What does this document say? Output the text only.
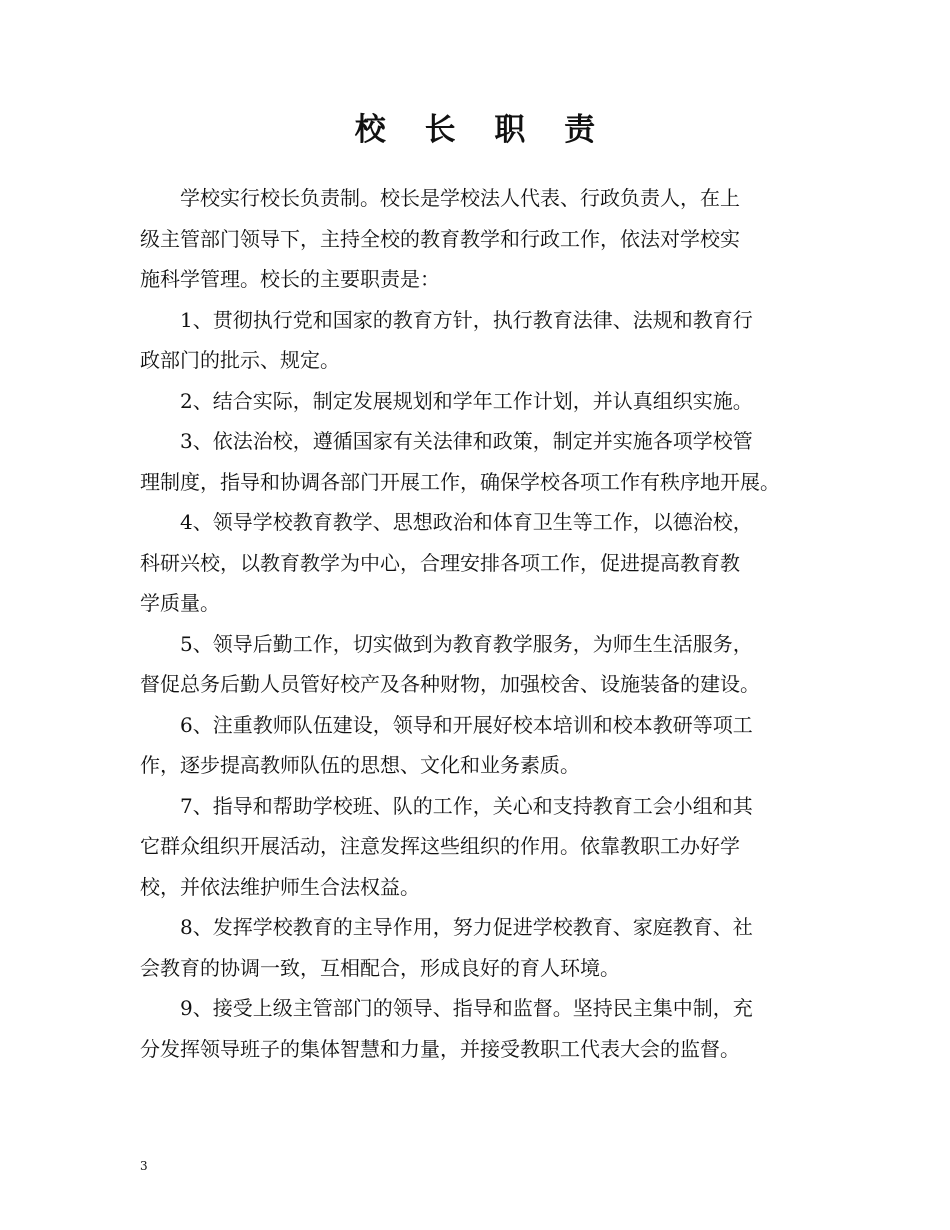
校 长 职 责
学校实行校长负责制。校长是学校法人代表、行政负责人，在上
级主管部门领导下，主持全校的教育教学和行政工作，依法对学校实
施科学管理。校长的主要职责是：
1、贯彻执行党和国家的教育方针，执行教育法律、法规和教育行
政部门的批示、规定。
2、结合实际，制定发展规划和学年工作计划，并认真组织实施。
3、依法治校，遵循国家有关法律和政策，制定并实施各项学校管
理制度，指导和协调各部门开展工作，确保学校各项工作有秩序地开展。
4、领导学校教育教学、思想政治和体育卫生等工作，以德治校，
科研兴校，以教育教学为中心，合理安排各项工作，促进提高教育教
学质量。
5、领导后勤工作，切实做到为教育教学服务，为师生生活服务，
督促总务后勤人员管好校产及各种财物，加强校舍、设施装备的建设。
6、注重教师队伍建设，领导和开展好校本培训和校本教研等项工
作，逐步提高教师队伍的思想、文化和业务素质。
7、指导和帮助学校班、队的工作，关心和支持教育工会小组和其
它群众组织开展活动，注意发挥这些组织的作用。依靠教职工办好学
校，并依法维护师生合法权益。
8、发挥学校教育的主导作用，努力促进学校教育、家庭教育、社
会教育的协调一致，互相配合，形成良好的育人环境。
9、接受上级主管部门的领导、指导和监督。坚持民主集中制，充
分发挥领导班子的集体智慧和力量，并接受教职工代表大会的监督。
3
